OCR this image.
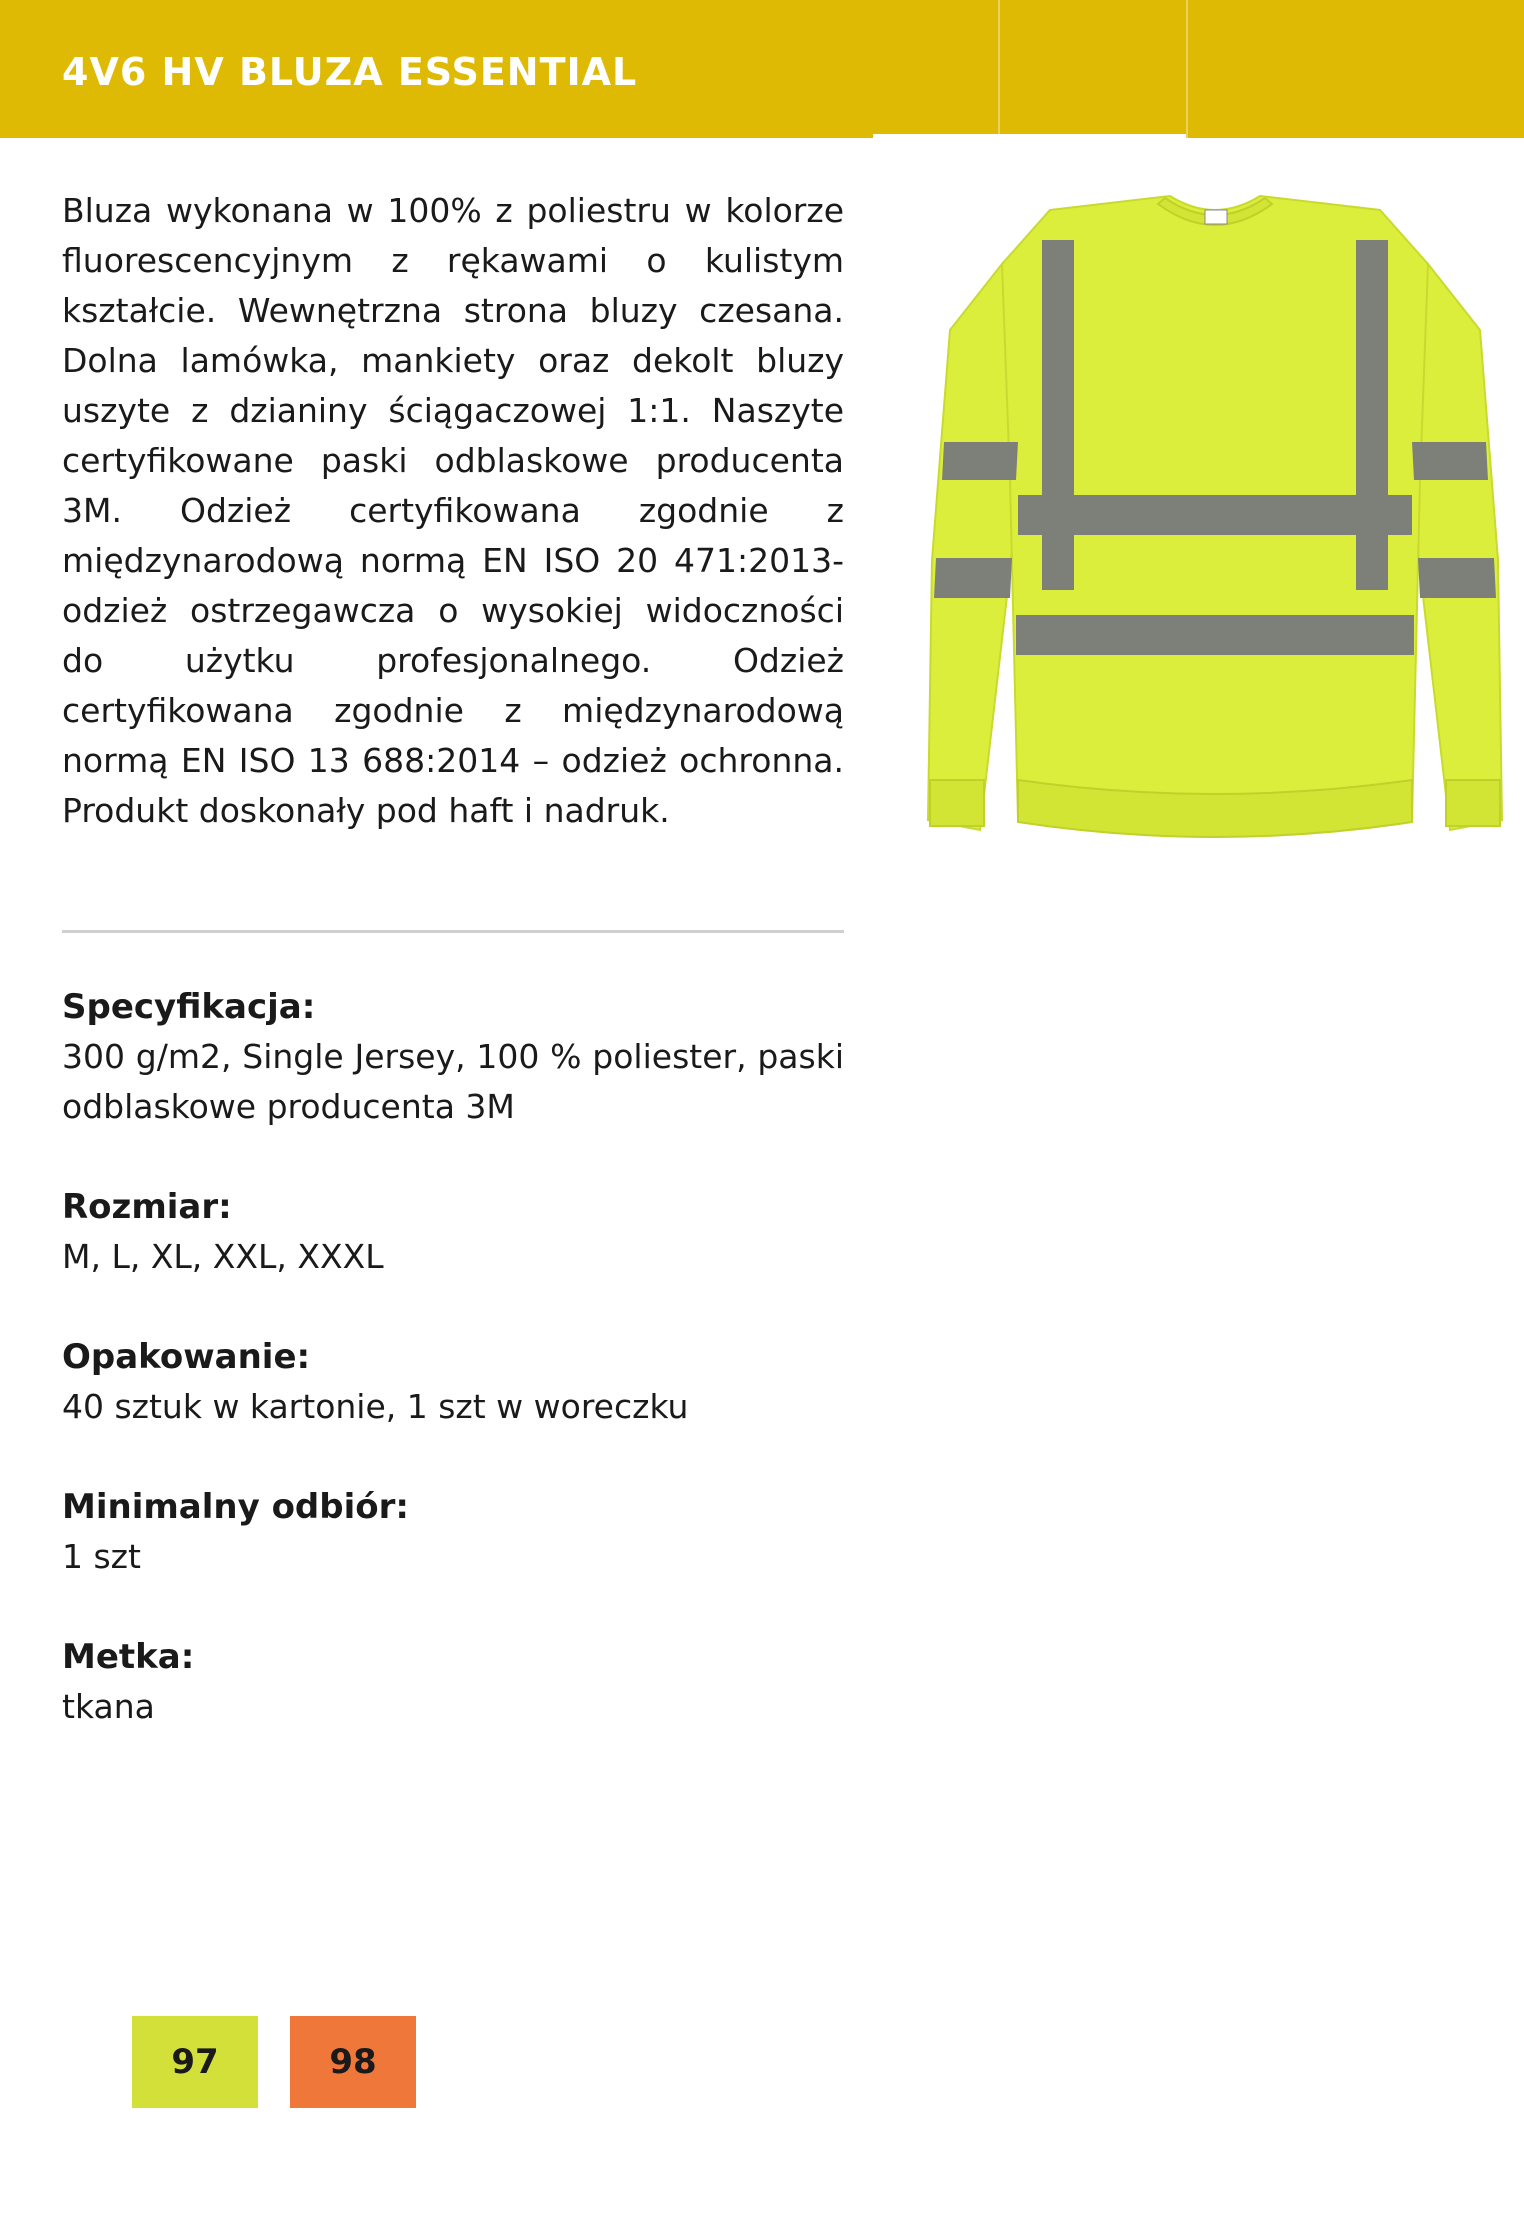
4V6 HV BLUZA ESSENTIAL

Bluza wykonana w 100% z poliestru w kolorze fluorescencyjnym z rękawami o kulistym kształcie. Wewnętrzna strona bluzy czesana. Dolna lamówka, mankiety oraz dekolt bluzy uszyte z dzianiny ściągaczowej 1:1. Naszyte certyfikowane paski odblaskowe producenta 3M. Odzież certyfikowana zgodnie z międzynarodową normą EN ISO 20 471:2013- odzież ostrzegawcza o wysokiej widoczności do użytku profesjonalnego. Odzież certyfikowana zgodnie z międzynarodową normą EN ISO 13 688:2014 – odzież ochronna. Produkt doskonały pod haft i nadruk.

Specyfikacja:

300 g/m2, Single Jersey, 100 % poliester, paski odblaskowe producenta 3M

Rozmiar:

M, L, XL, XXL, XXXL

Opakowanie:

40 sztuk w kartonie, 1 szt w woreczku

Minimalny odbiór:

1 szt

Metka:

tkana

97	98
